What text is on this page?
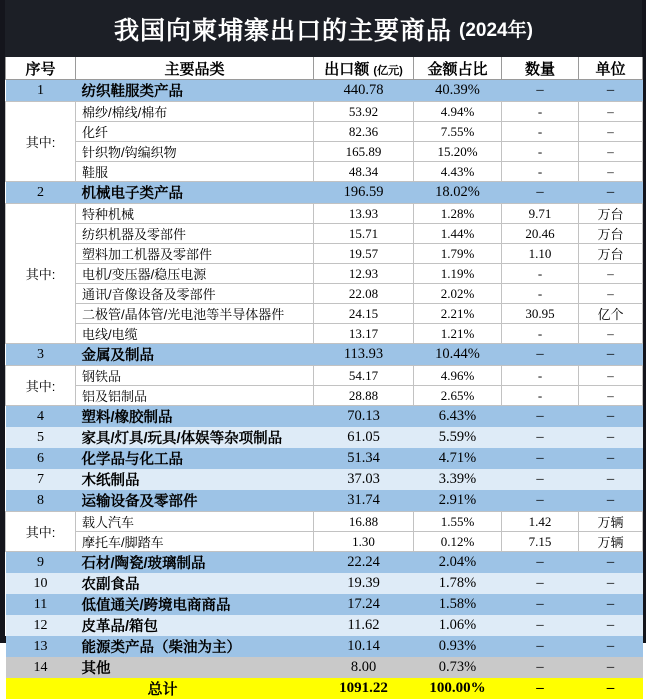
我国向柬埔寨出口的主要商品 (2024年)
序号	主要品类	出口额 (亿元)	金额占比	数量	单位
1	纺织鞋服类产品	440.78	40.39%	–	–
其中:	棉纱/棉线/棉布	53.92	4.94%	-	–
	化纤	82.36	7.55%	-	–
	针织物/钩编织物	165.89	15.20%	-	–
	鞋服	48.34	4.43%	-	–
2	机械电子类产品	196.59	18.02%	–	–
其中:	特种机械	13.93	1.28%	9.71	万台
	纺织机器及零部件	15.71	1.44%	20.46	万台
	塑料加工机器及零部件	19.57	1.79%	1.10	万台
	电机/变压器/稳压电源	12.93	1.19%	-	–
	通讯/音像设备及零部件	22.08	2.02%	-	–
	二极管/晶体管/光电池等半导体器件	24.15	2.21%	30.95	亿个
	电线/电缆	13.17	1.21%	-	–
3	金属及制品	113.93	10.44%	–	–
其中:	钢铁品	54.17	4.96%	-	–
	铝及铝制品	28.88	2.65%	-	–
4	塑料/橡胶制品	70.13	6.43%	–	–
5	家具/灯具/玩具/体娱等杂项制品	61.05	5.59%	–	–
6	化学品与化工品	51.34	4.71%	–	–
7	木纸制品	37.03	3.39%	–	–
8	运输设备及零部件	31.74	2.91%	–	–
其中:	载人汽车	16.88	1.55%	1.42	万辆
	摩托车/脚踏车	1.30	0.12%	7.15	万辆
9	石材/陶瓷/玻璃制品	22.24	2.04%	–	–
10	农副食品	19.39	1.78%	–	–
11	低值通关/跨境电商商品	17.24	1.58%	–	–
12	皮革品/箱包	11.62	1.06%	–	–
13	能源类产品（柴油为主）	10.14	0.93%	–	–
14	其他	8.00	0.73%	–	–
总计		1091.22	100.00%	–	–
